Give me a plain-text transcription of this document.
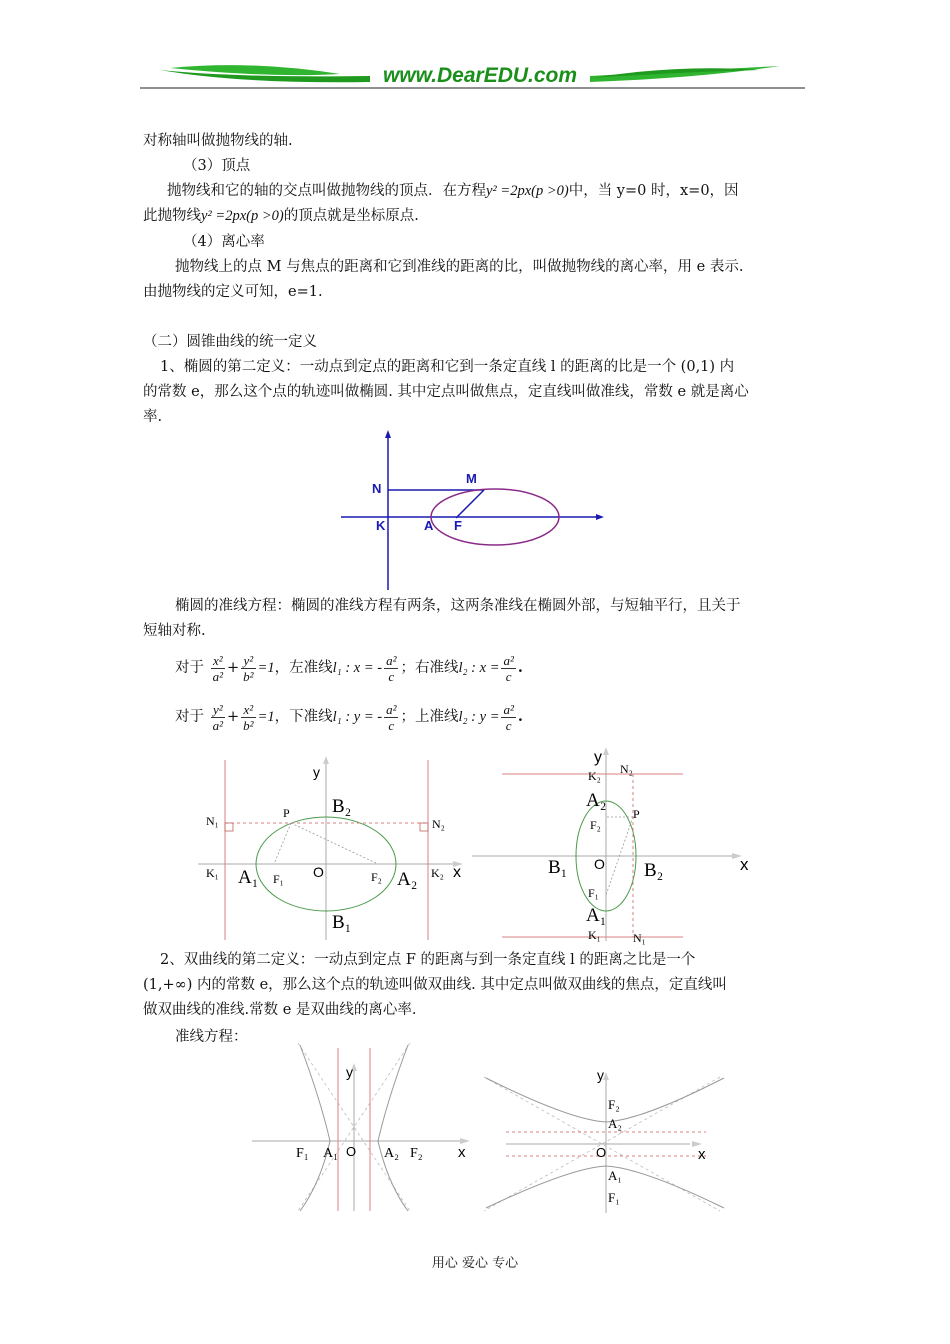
www.DearEDU.com
对称轴叫做抛物线的轴.
（3）顶点
抛物线和它的轴的交点叫做抛物线的顶点．在方程y² =2px(p >0)中，当 y=0 时，x=0，因
此抛物线y² =2px(p >0)的顶点就是坐标原点.
（4）离心率
抛物线上的点 M 与焦点的距离和它到准线的距离的比，叫做抛物线的离心率，用 e 表示.
由抛物线的定义可知，e=1.
（二）圆锥曲线的统一定义
1、椭圆的第二定义：一动点到定点的距离和它到一条定直线 l 的距离的比是一个 (0,1) 内
的常数 e，那么这个点的轨迹叫做椭圆. 其中定点叫做焦点，定直线叫做准线，常数 e 就是离心
率.
N
M
K	A F
椭圆的准线方程：椭圆的准线方程有两条，这两条准线在椭圆外部，与短轴平行，且关于
短轴对称.
对于 $\frac{\text{x²}}{\text{a²}} + \frac{\text{y²}}{\text{b²}} =1$，左准线l₁ : x = - $\frac{\text{a²}}{c}$ ；右准线l₂ : $x = \frac{\text{a²}}{c}$ .
对于 $\frac{\text{y²}}{\text{a²}} + \frac{\text{x²}}{\text{b²}} =1$，下准线l₁ : y = - $\frac{\text{a²}}{c}$ ；上准线l₂ : $y = \frac{\text{a²}}{c}$ .
y
B₂
N₁	N₂
P
K₁	K₂
A₁	A₂
F₁	F₂
O	x
B₁
y
K₂ N₂
A₂
P
F₂
B₁ O B₂	x
F₁
A₁
K₁	N₁
2、双曲线的第二定义：一动点到定点 F 的距离与到一条定直线 l 的距离之比是一个
(1,+∞) 内的常数 e，那么这个点的轨迹叫做双曲线. 其中定点叫做双曲线的焦点，定直线叫
做双曲线的准线.常数 e 是双曲线的离心率.
准线方程：
y
F₁ A₁ O A₂ F₂ x
y
F₂
A₂
O	x
A₁
F₁
用心 爱心 专心
